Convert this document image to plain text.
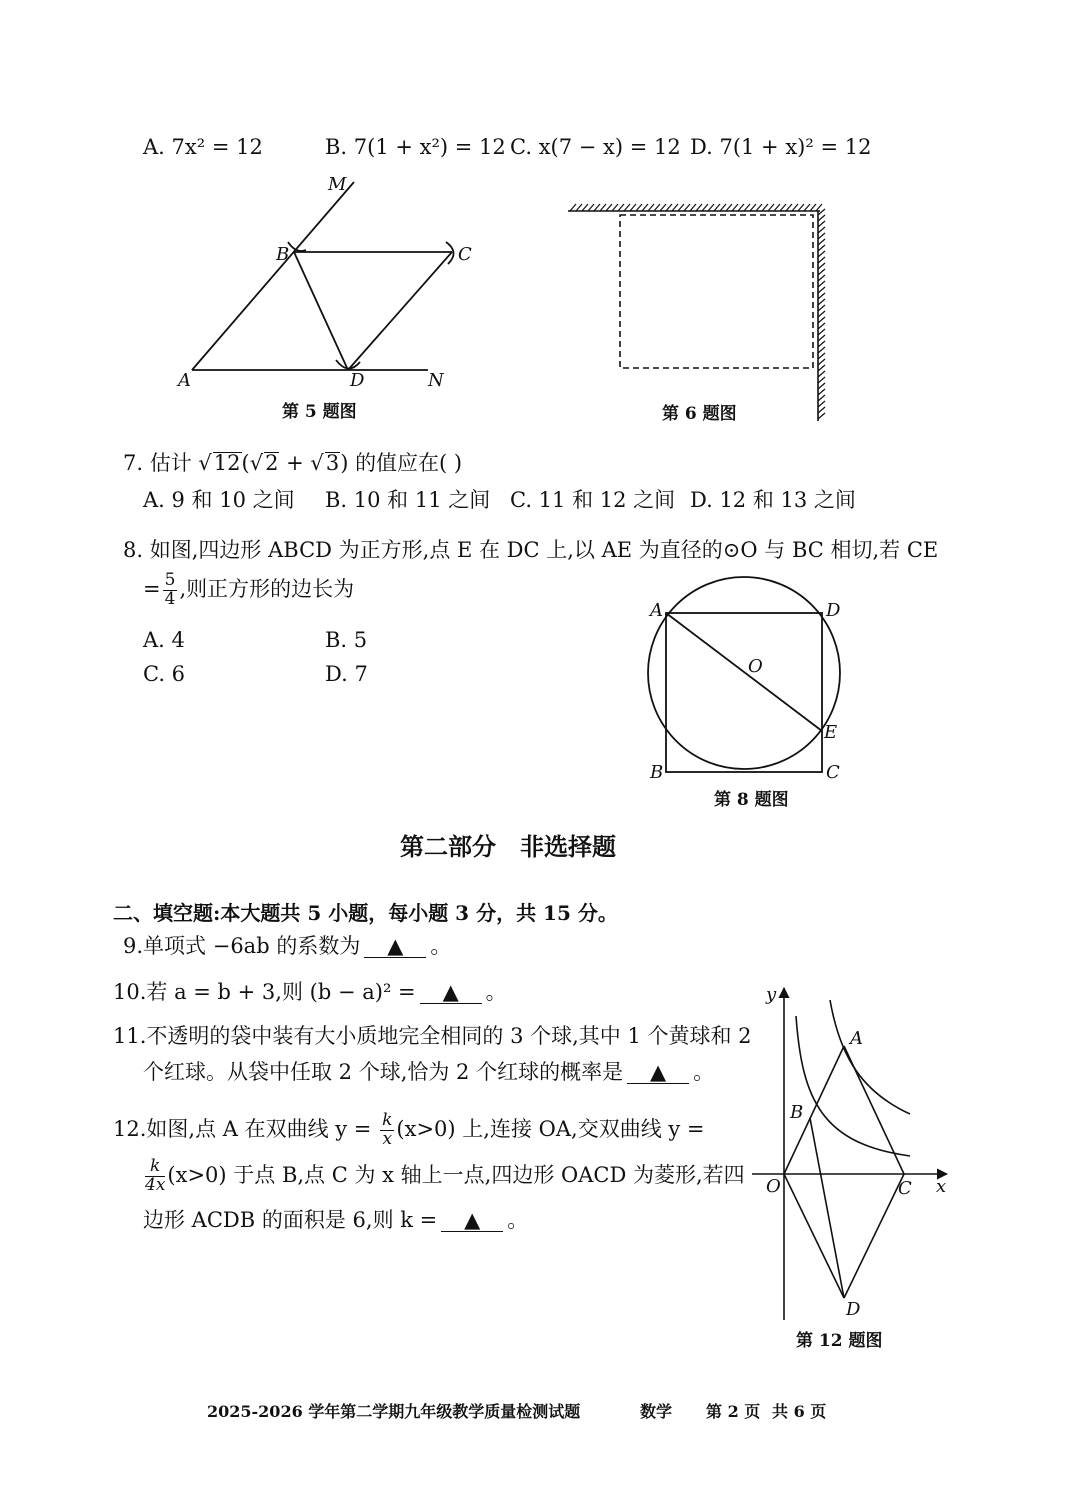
A. 7x² = 12	B. 7(1 + x²) = 12 C. x(7 − x) = 12 D. 7(1 + x)² = 12
M
B	C
A	D	N
第 5 题图	第 6 题图
7. 估计 √12(√2 + √3) 的值应在( )
A. 9 和 10 之间 B. 10 和 11 之间 C. 11 和 12 之间 D. 12 和 13 之间
8. 如图,四边形 ABCD 为正方形,点 E 在 DC 上,以 AE 为直径的⊙O 与 BC 相切,若 CE
= $\frac{5}{4}$ ,则正方形的边长为
A. 4	B. 5
C. 6	D. 7
A	D
O
E
B	C
第 8 题图
第二部分　非选择题
二、填空题:本大题共 5 小题，每小题 3 分，共 15 分。
9.单项式 −6ab 的系数为 ▲ 。
10.若 a = b + 3,则 (b − a)² = ▲ 。
11.不透明的袋中装有大小质地完全相同的 3 个球,其中 1 个黄球和 2
个红球。从袋中任取 2 个球,恰为 2 个红球的概率是 ▲ 。
12.如图,点 A 在双曲线 $y = \frac{k}{x} (x>0)$ 上,连接 OA,交双曲线 y =
$\frac{k}{4x} (x>0)$ 于点 B,点 C 为 x 轴上一点,四边形 OACD 为菱形,若四
边形 ACDB 的面积是 6,则 k = ▲ 。
y
A
B
O	C x
D
第 12 题图
2025-2026 学年第二学期九年级教学质量检测试题	数学 第 2 页 共 6 页
